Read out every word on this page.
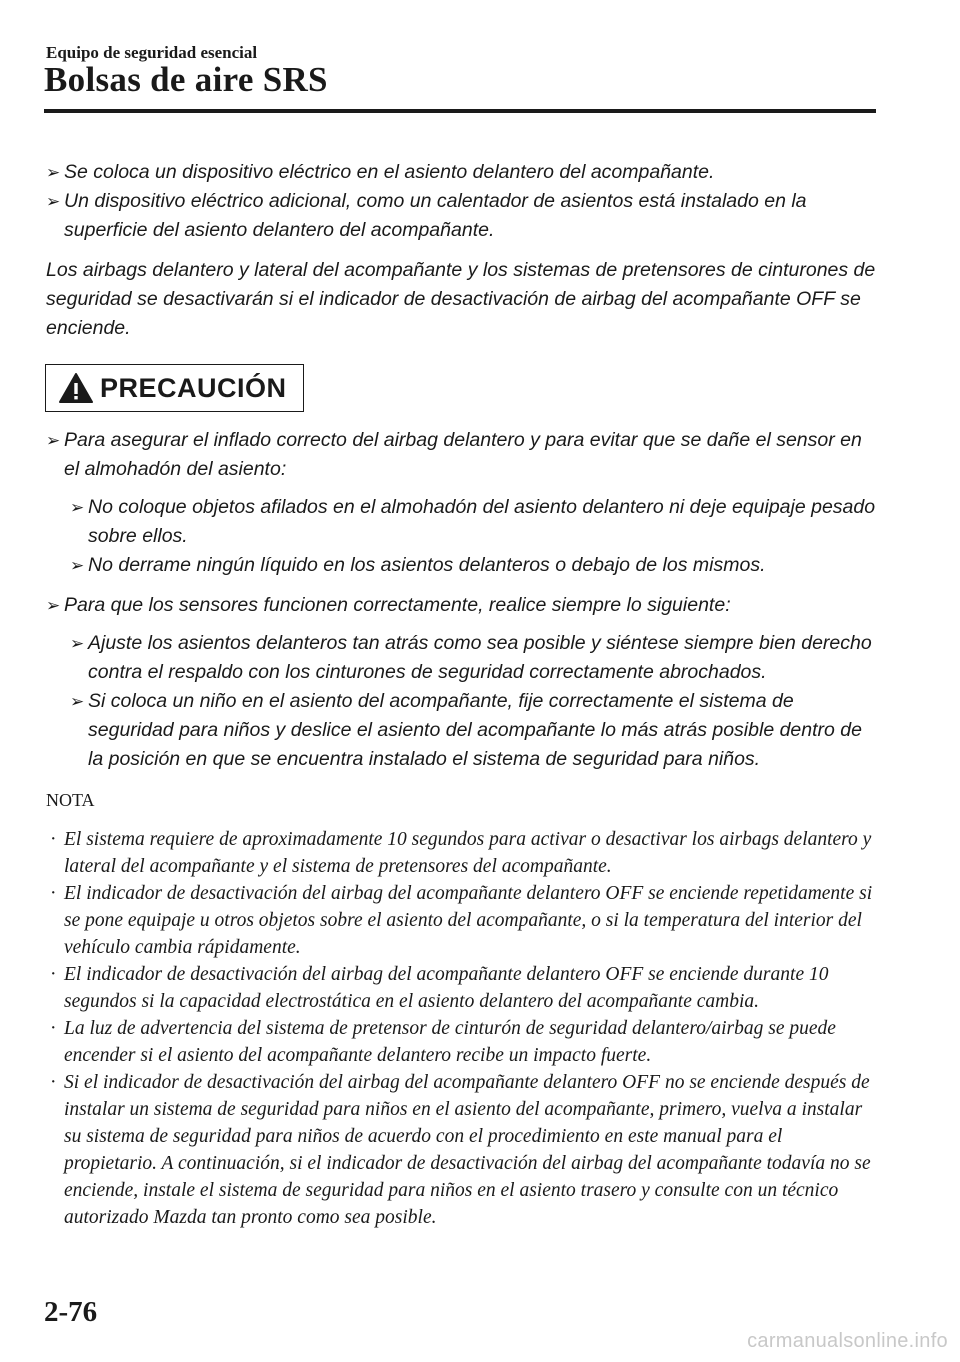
Equipo de seguridad esencial
Bolsas de aire SRS

➢ Se coloca un dispositivo eléctrico en el asiento delantero del acompañante.

➢ Un dispositivo eléctrico adicional, como un calentador de asientos está instalado en la superficie del asiento delantero del acompañante.

Los airbags delantero y lateral del acompañante y los sistemas de pretensores de cinturones de seguridad se desactivarán si el indicador de desactivación de airbag del acompañante OFF se enciende.

PRECAUCIÓN

➢ Para asegurar el inflado correcto del airbag delantero y para evitar que se dañe el sensor en el almohadón del asiento:

➢ No coloque objetos afilados en el almohadón del asiento delantero ni deje equipaje pesado sobre ellos.

➢ No derrame ningún líquido en los asientos delanteros o debajo de los mismos.

➢ Para que los sensores funcionen correctamente, realice siempre lo siguiente:

➢ Ajuste los asientos delanteros tan atrás como sea posible y siéntese siempre bien derecho contra el respaldo con los cinturones de seguridad correctamente abrochados.

➢ Si coloca un niño en el asiento del acompañante, fije correctamente el sistema de seguridad para niños y deslice el asiento del acompañante lo más atrás posible dentro de la posición en que se encuentra instalado el sistema de seguridad para niños.

NOTA

· El sistema requiere de aproximadamente 10 segundos para activar o desactivar los airbags delantero y lateral del acompañante y el sistema de pretensores del acompañante.

· El indicador de desactivación del airbag del acompañante delantero OFF se enciende repetidamente si se pone equipaje u otros objetos sobre el asiento del acompañante, o si la temperatura del interior del vehículo cambia rápidamente.

· El indicador de desactivación del airbag del acompañante delantero OFF se enciende durante 10 segundos si la capacidad electrostática en el asiento delantero del acompañante cambia.

· La luz de advertencia del sistema de pretensor de cinturón de seguridad delantero/airbag se puede encender si el asiento del acompañante delantero recibe un impacto fuerte.

· Si el indicador de desactivación del airbag del acompañante delantero OFF no se enciende después de instalar un sistema de seguridad para niños en el asiento del acompañante, primero, vuelva a instalar su sistema de seguridad para niños de acuerdo con el procedimiento en este manual para el propietario. A continuación, si el indicador de desactivación del airbag del acompañante todavía no se enciende, instale el sistema de seguridad para niños en el asiento trasero y consulte con un técnico autorizado Mazda tan pronto como sea posible.

2-76
carmanualsonline.info
